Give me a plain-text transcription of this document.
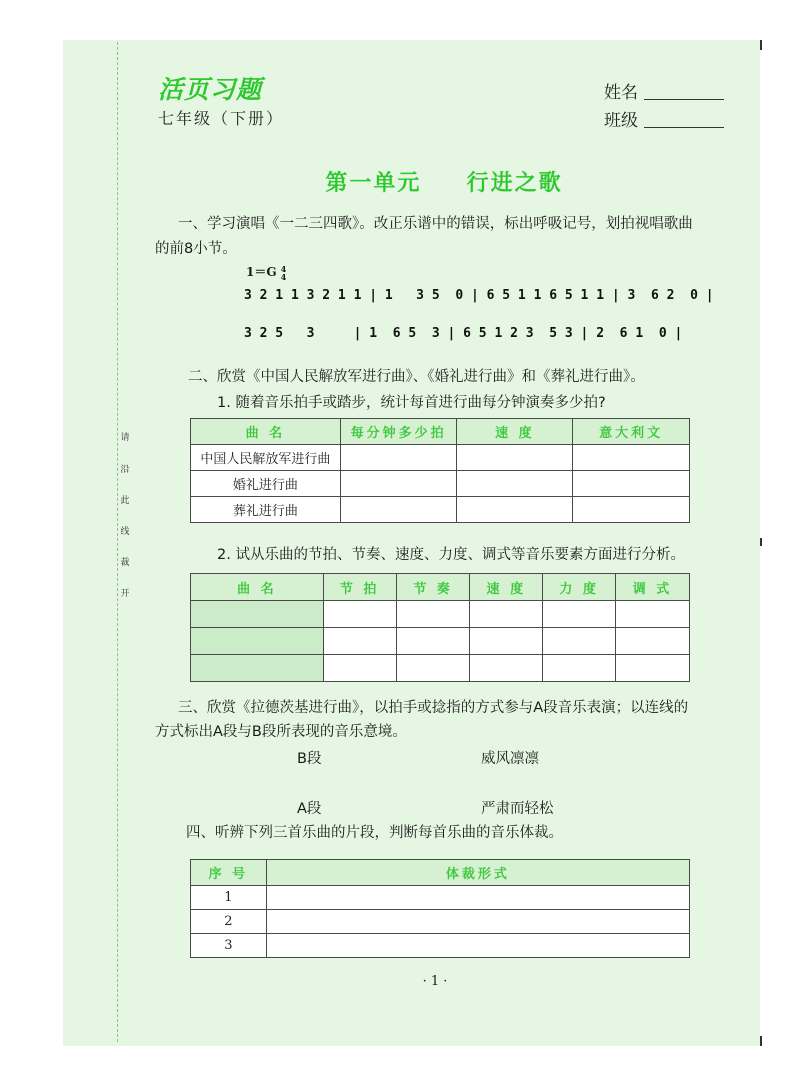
请
沿
此
线
裁
开
活页习题
七年级（下册）
姓名
班级
第一单元 行进之歌
一、学习演唱《一二三四歌》。改正乐谱中的错误，标出呼吸记号，划拍视唱歌曲
的前8小节。
1＝G 4
4
3 2 1 1 3 2 1 1 | 1   3 5  0 | 6 5 1 1 6 5 1 1 | 3  6 2  0 |
3 2 5   3     | 1  6 5  3 | 6 5 1 2 3  5 3 | 2  6 1  0 |
二、欣赏《中国人民解放军进行曲》、《婚礼进行曲》和《葬礼进行曲》。
1. 随着音乐拍手或踏步，统计每首进行曲每分钟演奏多少拍?
曲 名	每分钟多少拍	速 度	意大利文
中国人民解放军进行曲			
婚礼进行曲			
葬礼进行曲			
2. 试从乐曲的节拍、节奏、速度、力度、调式等音乐要素方面进行分析。
曲 名	节 拍	节 奏	速 度	力 度	调 式

三、欣赏《拉德茨基进行曲》，以拍手或捻指的方式参与A段音乐表演；以连线的
方式标出A段与B段所表现的音乐意境。
B段	威风凛凛
A段	严肃而轻松
四、听辨下列三首乐曲的片段，判断每首乐曲的音乐体裁。
序 号	体裁形式
1	
2	
3	
· 1 ·
